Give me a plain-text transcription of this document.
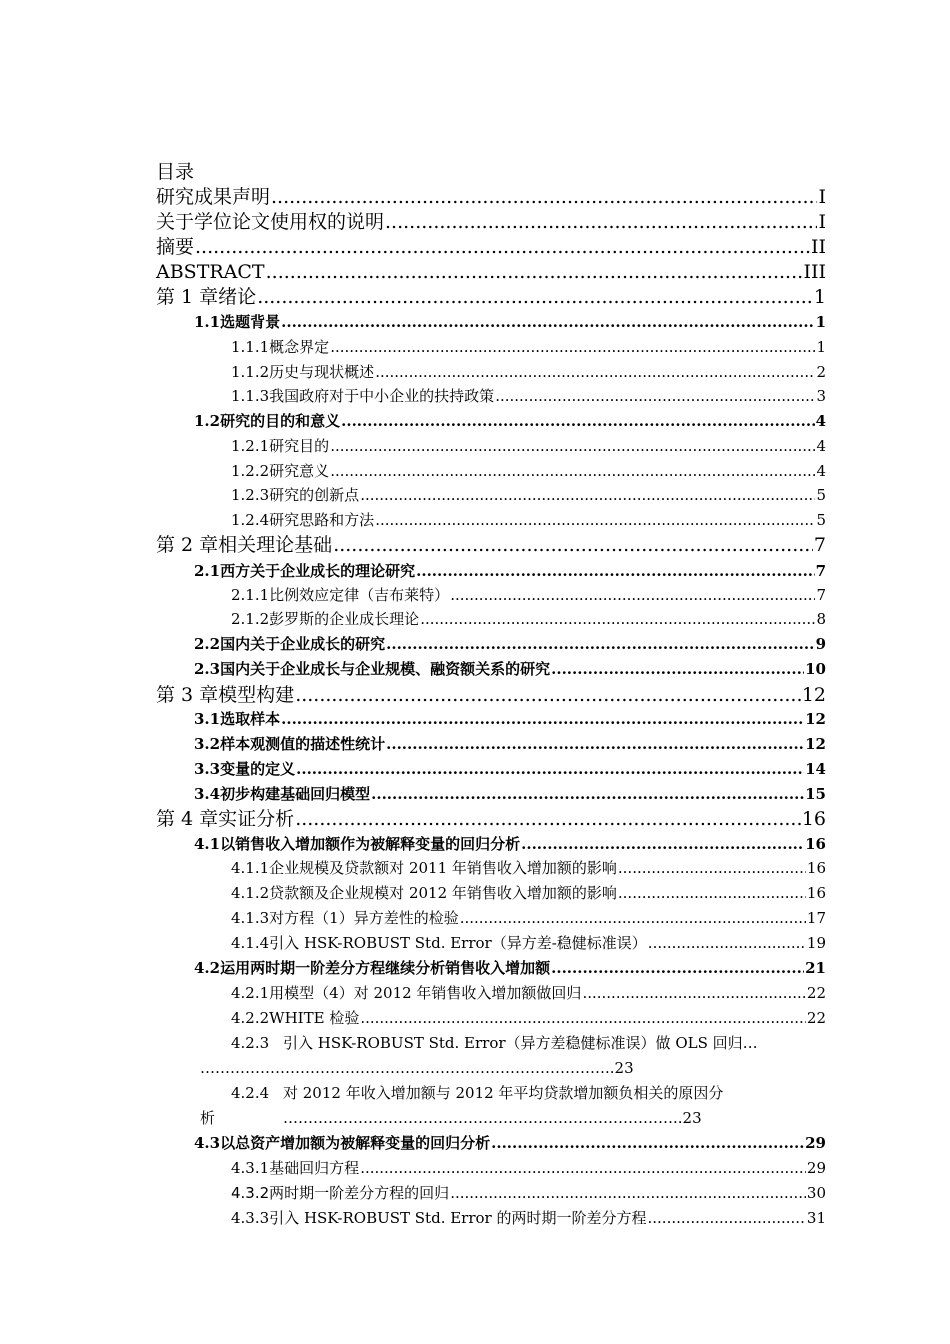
目录
研究成果声明 .....	I
关于学位论文使用权的说明 .....	I
摘要 .....	II
ABSTRACT .....	III
第 1 章 绪论 .....	1
1.1 选题背景 .....	1
1.1.1 概念界定 .....	1
1.1.2 历史与现状概述 .....	2
1.1.3 我国政府对于中小企业的扶持政策 .....	3
1.2 研究的目的和意义 .....	4
1.2.1 研究目的 .....	4
1.2.2 研究意义 .....	4
1.2.3 研究的创新点 .....	5
1.2.4 研究思路和方法 .....	5
第 2 章 相关理论基础 .....	7
2.1 西方关于企业成长的理论研究 .....	7
2.1.1 比例效应定律（吉布莱特） .....	7
2.1.2 彭罗斯的企业成长理论 .....	8
2.2 国内关于企业成长的研究 .....	9
2.3 国内关于企业成长与企业规模、融资额关系的研究 .....	10
第 3 章 模型构建 .....	12
3.1 选取样本 .....	12
3.2 样本观测值的描述性统计 .....	12
3.3 变量的定义 .....	14
3.4 初步构建基础回归模型 .....	15
第 4 章 实证分析 .....	16
4.1 以销售收入增加额作为被解释变量的回归分析 .....	16
4.1.1 企业规模及贷款额对 2011 年销售收入增加额的影响 .....	16
4.1.2 贷款额及企业规模对 2012 年销售收入增加额的影响 .....	16
4.1.3 对方程（1）异方差性的检验 .....	17
4.1.4 引入 HSK-ROBUST Std. Error（异方差-稳健标准误） .....	19
4.2 运用两时期一阶差分方程继续分析销售收入增加额 .....	21
4.2.1 用模型（4）对 2012 年销售收入增加额做回归 .....	22
4.2.2 WHITE 检验 .....	22
4.2.3 引入 HSK-ROBUST Std. Error（异方差稳健标准误）做 OLS 回归…
………………………………………………………………………..23
4.2.4 对 2012 年收入增加额与 2012 年平均贷款增加额负相关的原因分
析	……………………………………………………………………..23
4.3 以总资产增加额为被解释变量的回归分析 .....	29
4.3.1 基础回归方程 .....	29
4.3.2 两时期一阶差分方程的回归 .....	30
4.3.3 引入 HSK-ROBUST Std. Error 的两时期一阶差分方程 .....	31
